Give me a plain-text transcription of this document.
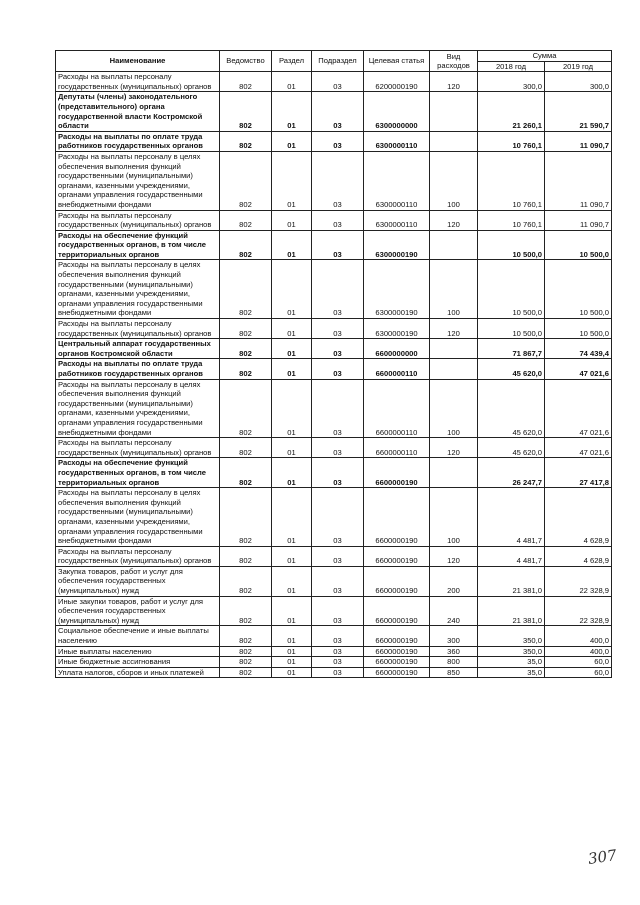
Наименование	Ведомство	Раздел	Подраздел	Целевая статья	Вид расходов	Сумма	
						2018 год	2019 год
Расходы на выплаты персоналу государственных (муниципальных) органов	802	01	03	6200000190	120	300,0	300,0
Депутаты (члены) законодательного (представительного) органа государственной власти Костромской области	802	01	03	6300000000		21 260,1	21 590,7
Расходы на выплаты по оплате труда работников государственных органов	802	01	03	6300000110		10 760,1	11 090,7
Расходы на выплаты персоналу в целях обеспечения выполнения функций государственными (муниципальными) органами, казенными учреждениями, органами управления государственными внебюджетными фондами	802	01	03	6300000110	100	10 760,1	11 090,7
Расходы на выплаты персоналу государственных (муниципальных) органов	802	01	03	6300000110	120	10 760,1	11 090,7
Расходы на обеспечение функций государственных органов, в том числе территориальных органов	802	01	03	6300000190		10 500,0	10 500,0
Расходы на выплаты персоналу в целях обеспечения выполнения функций государственными (муниципальными) органами, казенными учреждениями, органами управления государственными внебюджетными фондами	802	01	03	6300000190	100	10 500,0	10 500,0
Расходы на выплаты персоналу государственных (муниципальных) органов	802	01	03	6300000190	120	10 500,0	10 500,0
Центральный аппарат государственных органов Костромской области	802	01	03	6600000000		71 867,7	74 439,4
Расходы на выплаты по оплате труда работников государственных органов	802	01	03	6600000110		45 620,0	47 021,6
Расходы на выплаты персоналу в целях обеспечения выполнения функций государственными (муниципальными) органами, казенными учреждениями, органами управления государственными внебюджетными фондами	802	01	03	6600000110	100	45 620,0	47 021,6
Расходы на выплаты персоналу государственных (муниципальных) органов	802	01	03	6600000110	120	45 620,0	47 021,6
Расходы на обеспечение функций государственных органов, в том числе территориальных органов	802	01	03	6600000190		26 247,7	27 417,8
Расходы на выплаты персоналу в целях обеспечения выполнения функций государственными (муниципальными) органами, казенными учреждениями, органами управления государственными внебюджетными фондами	802	01	03	6600000190	100	4 481,7	4 628,9
Расходы на выплаты персоналу государственных (муниципальных) органов	802	01	03	6600000190	120	4 481,7	4 628,9
Закупка товаров, работ и услуг для обеспечения государственных (муниципальных) нужд	802	01	03	6600000190	200	21 381,0	22 328,9
Иные закупки товаров, работ и услуг для обеспечения государственных (муниципальных) нужд	802	01	03	6600000190	240	21 381,0	22 328,9
Социальное обеспечение и иные выплаты населению	802	01	03	6600000190	300	350,0	400,0
Иные выплаты населению	802	01	03	6600000190	360	350,0	400,0
Иные бюджетные ассигнования	802	01	03	6600000190	800	35,0	60,0
Уплата налогов, сборов и иных платежей	802	01	03	6600000190	850	35,0	60,0
307
